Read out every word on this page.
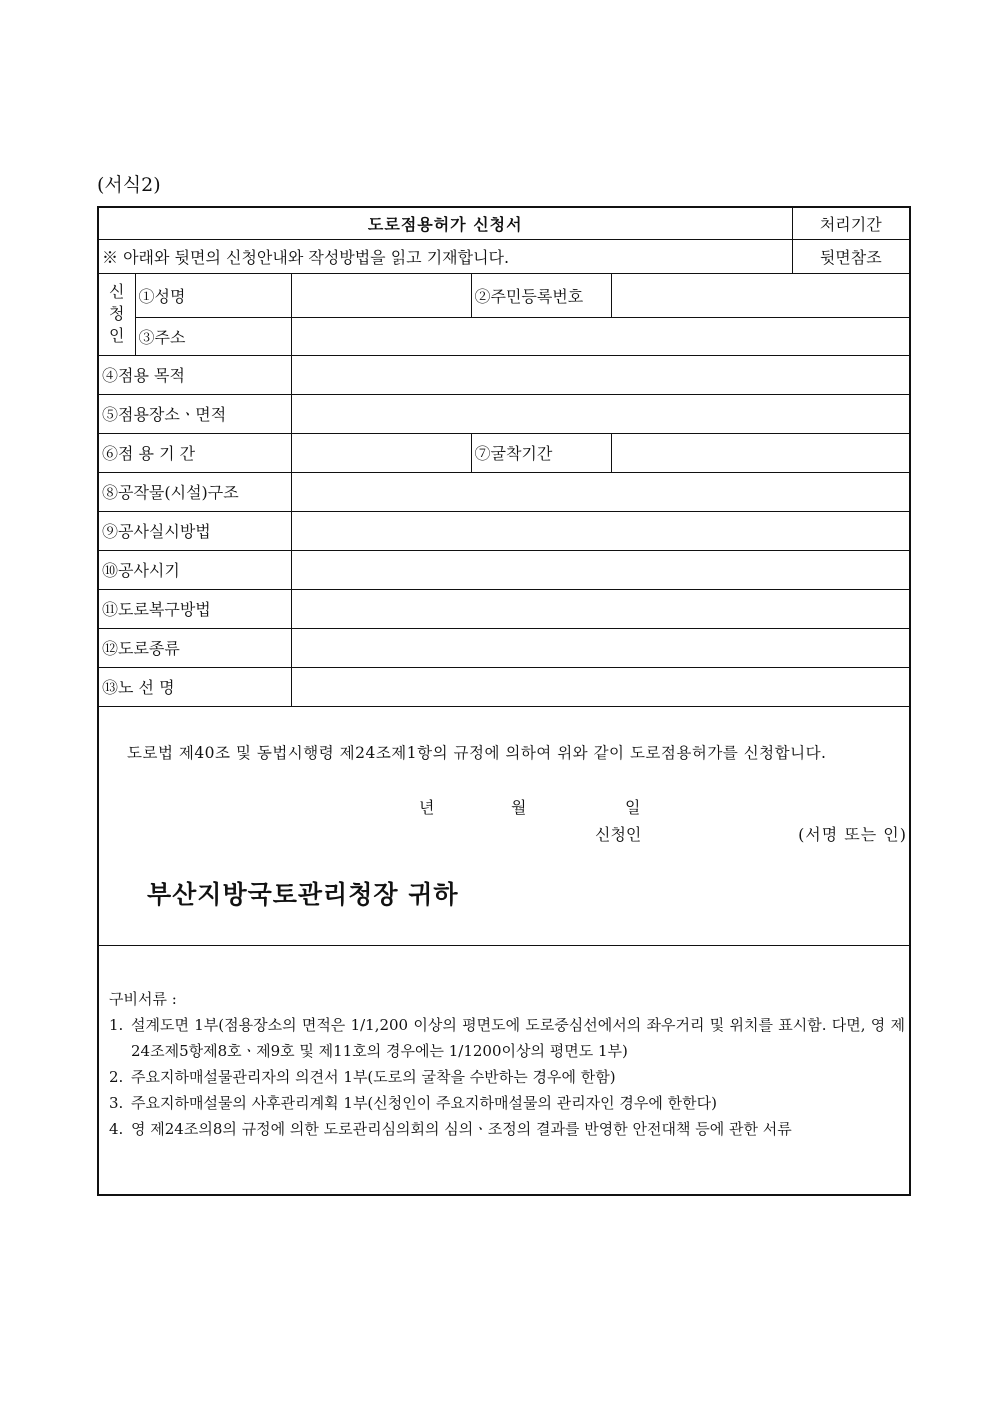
(서식2)
도로점용허가 신청서					처리기간
※ 아래와 뒷면의 신청안내와 작성방법을 읽고 기재합니다.					뒷면참조

신
청
인	①성명		②주민등록번호		
	③주소				
④점용 목적					
⑤점용장소ㆍ면적					
⑥점 용 기 간			⑦굴착기간		
⑧공작물(시설)구조					
⑨공사실시방법					
⑩공사시기					
⑪도로복구방법					
⑫도로종류					
⑬노 선 명					
도로법 제40조 및 동법시행령 제24조제1항의 규정에 의하여 위와 같이 도로점용허가를 신청합니다.
년	월	일
신청인	(서명 또는 인)
부산지방국토관리청장 귀하
구비서류 :
1. 설계도면 1부(점용장소의 면적은 1/1,200 이상의 평면도에 도로중심선에서의 좌우거리 및 위치를 표시함. 다면, 영 제24조제5항제8호ㆍ제9호 및 제11호의 경우에는 1/1200이상의 평면도 1부)
2. 주요지하매설물관리자의 의견서 1부(도로의 굴착을 수반하는 경우에 한함)
3. 주요지하매설물의 사후관리계획 1부(신청인이 주요지하매설물의 관리자인 경우에 한한다)
4. 영 제24조의8의 규정에 의한 도로관리심의회의 심의ㆍ조정의 결과를 반영한 안전대책 등에 관한 서류
